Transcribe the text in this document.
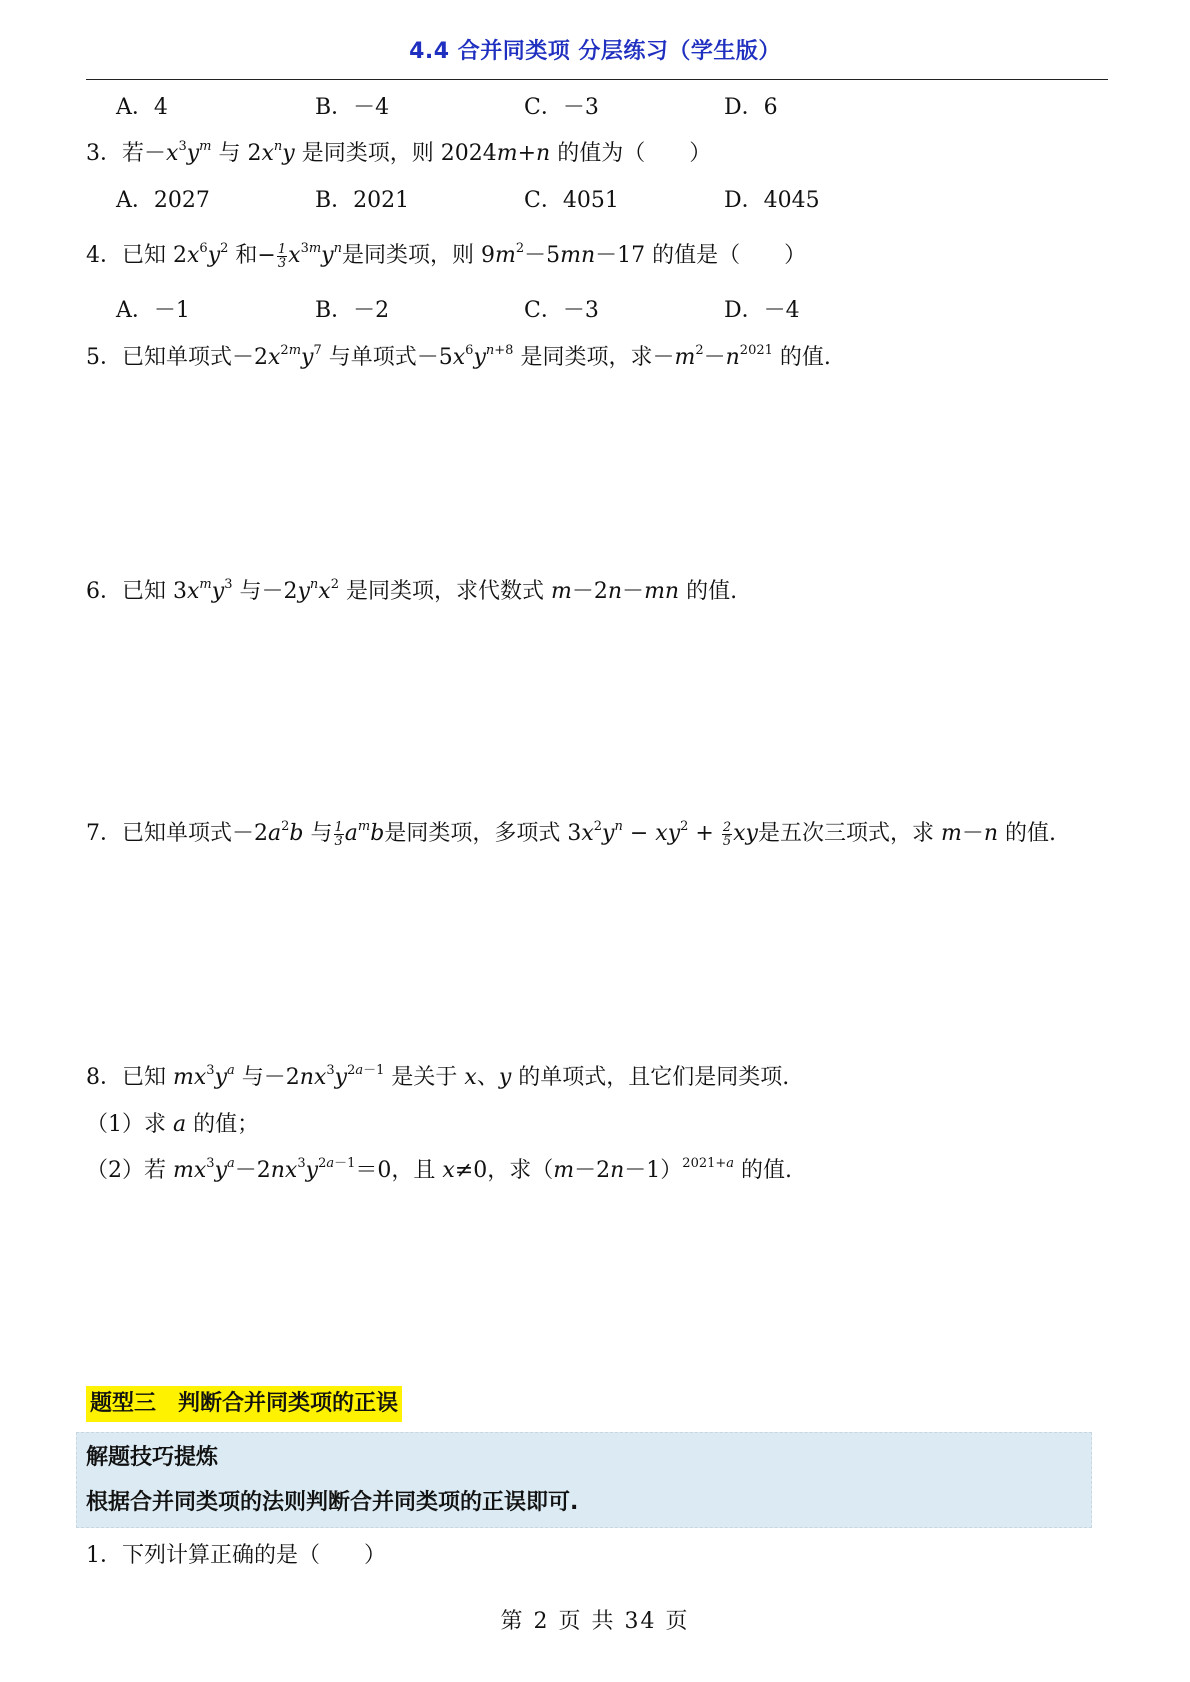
4.4 合并同类项 分层练习（学生版）
A．4	B．－4	C．－3	D．6
3．若$-x^3y^m$ 与 $2x^ny$ 是同类项，则 2024m+n 的值为（　　）
A．2027	B．2021	C．4051	D．4045
4．已知 $2x^6y^2$ 和− $\frac{1}{3} x^{3m}y^n$是同类项，则 $9m^2-5mn-17$ 的值是（　　）
A．－1	B．－2	C．－3	D．－4
5．已知单项式$-2x^{2m}y^7$ 与单项式$-5x^6y^{n+8}$ 是同类项，求$-m^2-n^{2021}$ 的值.
6．已知 $3x^my^3$ 与$-2y^nx^2$ 是同类项，求代数式 m－2n－mn 的值.
7．已知单项式$-2a^2b$ 与 $\frac{1}{3} a^mb$是同类项，多项式 $3x^2y^n - xy^2 + \frac{2}{5}$ xy是五次三项式，求 m－n 的值.
8．已知 $mx^3y^a$ 与$-2nx^3y^{2a-1}$ 是关于 x、y 的单项式，且它们是同类项.
（1）求 a 的值；
（2）若 $mx^3y^a-2nx^3y^{2a-1}=0$，且 x≠0，求$(m-2n-1)^{2021+a}$ 的值.
题型三　判断合并同类项的正误
解题技巧提炼
根据合并同类项的法则判断合并同类项的正误即可.
1．下列计算正确的是（　　）
第 2 页 共 34 页
